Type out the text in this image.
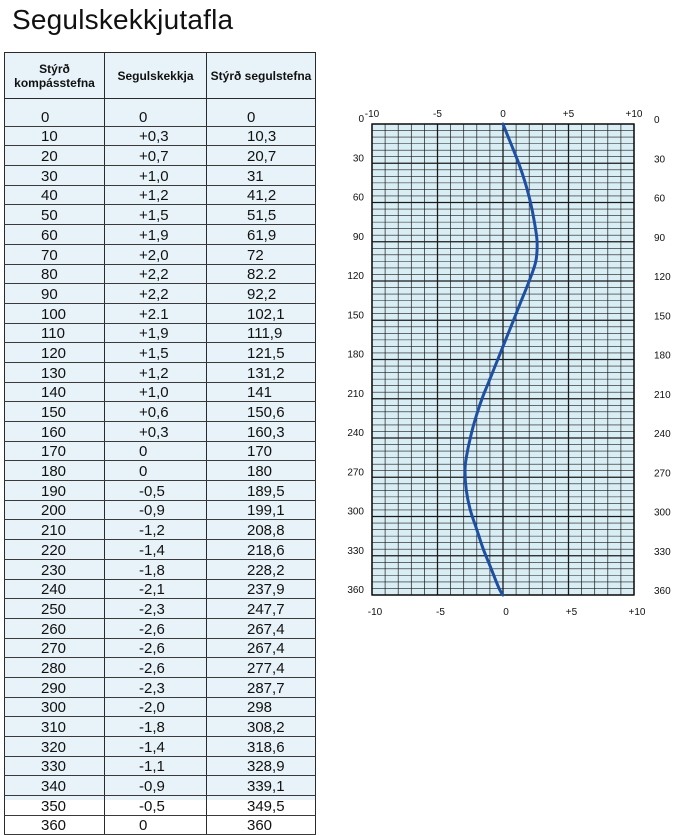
Segulskekkjutafla
Stýrð kompásstefna	Segulskekkja	Stýrð segulstefna

0	0	0
10	+0,3	10,3
20	+0,7	20,7
30	+1,0	31
40	+1,2	41,2
50	+1,5	51,5
60	+1,9	61,9
70	+2,0	72
80	+2,2	82.2
90	+2,2	92,2
100	+2.1	102,1
110	+1,9	111,9
120	+1,5	121,5
130	+1,2	131,2
140	+1,0	141
150	+0,6	150,6
160	+0,3	160,3
170	0	170
180	0	180
190	-0,5	189,5
200	-0,9	199,1
210	-1,2	208,8
220	-1,4	218,6
230	-1,8	228,2
240	-2,1	237,9
250	-2,3	247,7
260	-2,6	267,4
270	-2,6	267,4
280	-2,6	277,4
290	-2,3	287,7
300	-2,0	298
310	-1,8	308,2
320	-1,4	318,6
330	-1,1	328,9
340	-0,9	339,1
350	-0,5	349,5
360	0	360
-10
-10
-5
-5
0
0
+5
+5
+10
+10
0	0
30	30
60	60
90	90
120	120
150	150
180	180
210	210
240	240
270	270
300	300
330	330
360	360
